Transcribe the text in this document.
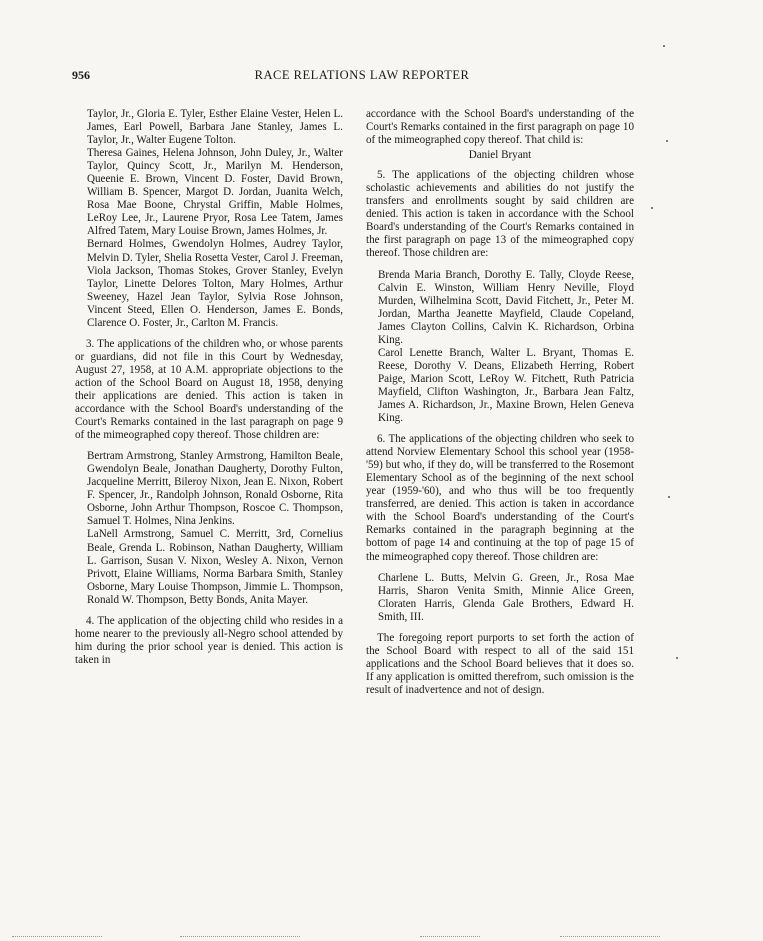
956	RACE RELATIONS LAW REPORTER

Taylor, Jr., Gloria E. Tyler, Esther Elaine Vester, Helen L. James, Earl Powell, Barbara Jane Stanley, James L. Taylor, Jr., Walter Eugene Tolton.

Theresa Gaines, Helena Johnson, John Duley, Jr., Walter Taylor, Quincy Scott, Jr., Marilyn M. Henderson, Queenie E. Brown, Vincent D. Foster, David Brown, William B. Spencer, Margot D. Jordan, Juanita Welch, Rosa Mae Boone, Chrystal Griffin, Mable Holmes, LeRoy Lee, Jr., Laurene Pryor, Rosa Lee Tatem, James Alfred Tatem, Mary Louise Brown, James Holmes, Jr.

Bernard Holmes, Gwendolyn Holmes, Audrey Taylor, Melvin D. Tyler, Shelia Rosetta Vester, Carol J. Freeman, Viola Jackson, Thomas Stokes, Grover Stanley, Evelyn Taylor, Linette Delores Tolton, Mary Holmes, Arthur Sweeney, Hazel Jean Taylor, Sylvia Rose Johnson, Vincent Steed, Ellen O. Henderson, James E. Bonds, Clarence O. Foster, Jr., Carlton M. Francis.

3. The applications of the children who, or whose parents or guardians, did not file in this Court by Wednesday, August 27, 1958, at 10 A.M. appropriate objections to the action of the School Board on August 18, 1958, denying their applications are denied. This action is taken in accordance with the School Board's understanding of the Court's Remarks contained in the last paragraph on page 9 of the mimeographed copy thereof. Those children are:

Bertram Armstrong, Stanley Armstrong, Hamilton Beale, Gwendolyn Beale, Jonathan Daugherty, Dorothy Fulton, Jacqueline Merritt, Bileroy Nixon, Jean E. Nixon, Robert F. Spencer, Jr., Randolph Johnson, Ronald Osborne, Rita Osborne, John Arthur Thompson, Roscoe C. Thompson, Samuel T. Holmes, Nina Jenkins.

LaNell Armstrong, Samuel C. Merritt, 3rd, Cornelius Beale, Grenda L. Robinson, Nathan Daugherty, William L. Garrison, Susan V. Nixon, Wesley A. Nixon, Vernon Privott, Elaine Williams, Norma Barbara Smith, Stanley Osborne, Mary Louise Thompson, Jimmie L. Thompson, Ronald W. Thompson, Betty Bonds, Anita Mayer.

4. The application of the objecting child who resides in a home nearer to the previously all-Negro school attended by him during the prior school year is denied. This action is taken in

accordance with the School Board's understanding of the Court's Remarks contained in the first paragraph on page 10 of the mimeographed copy thereof. That child is:

Daniel Bryant

5. The applications of the objecting children whose scholastic achievements and abilities do not justify the transfers and enrollments sought by said children are denied. This action is taken in accordance with the School Board's understanding of the Court's Remarks contained in the first paragraph on page 13 of the mimeographed copy thereof. Those children are:

Brenda Maria Branch, Dorothy E. Tally, Cloyde Reese, Calvin E. Winston, William Henry Neville, Floyd Murden, Wilhelmina Scott, David Fitchett, Jr., Peter M. Jordan, Martha Jeanette Mayfield, Claude Copeland, James Clayton Collins, Calvin K. Richardson, Orbina King.

Carol Lenette Branch, Walter L. Bryant, Thomas E. Reese, Dorothy V. Deans, Elizabeth Herring, Robert Paige, Marion Scott, LeRoy W. Fitchett, Ruth Patricia Mayfield, Clifton Washington, Jr., Barbara Jean Faltz, James A. Richardson, Jr., Maxine Brown, Helen Geneva King.

6. The applications of the objecting children who seek to attend Norview Elementary School this school year (1958-'59) but who, if they do, will be transferred to the Rosemont Elementary School as of the beginning of the next school year (1959-'60), and who thus will be too frequently transferred, are denied. This action is taken in accordance with the School Board's understanding of the Court's Remarks contained in the paragraph beginning at the bottom of page 14 and continuing at the top of page 15 of the mimeographed copy thereof. Those children are:

Charlene L. Butts, Melvin G. Green, Jr., Rosa Mae Harris, Sharon Venita Smith, Minnie Alice Green, Cloraten Harris, Glenda Gale Brothers, Edward H. Smith, III.

The foregoing report purports to set forth the action of the School Board with respect to all of the said 151 applications and the School Board believes that it does so. If any application is omitted therefrom, such omission is the result of inadvertence and not of design.
